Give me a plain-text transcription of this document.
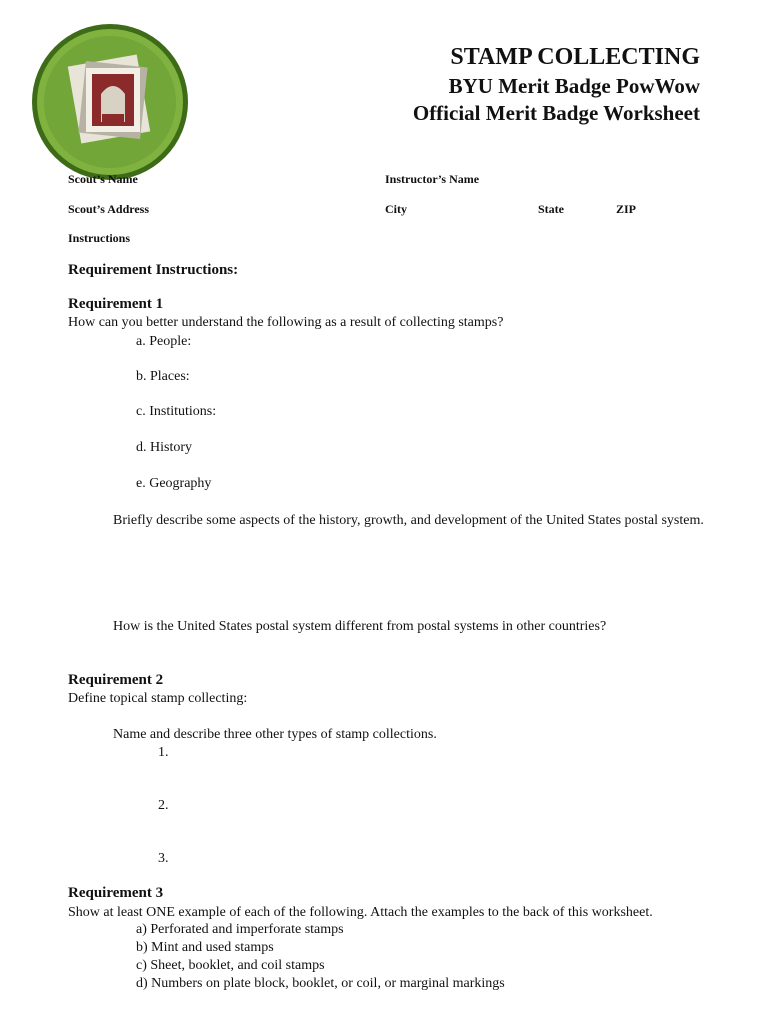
STAMP COLLECTING
BYU Merit Badge PowWow
Official Merit Badge Worksheet
Scout’s Name	Instructor’s Name
Scout’s Address	City	State	ZIP
Instructions
Requirement Instructions:
Requirement 1
How can you better understand the following as a result of collecting stamps?
a. People:
b. Places:
c. Institutions:
d. History
e. Geography
Briefly describe some aspects of the history, growth, and development of the United States postal system.
How is the United States postal system different from postal systems in other countries?
Requirement 2
Define topical stamp collecting:
Name and describe three other types of stamp collections.
1.
2.
3.
Requirement 3
Show at least ONE example of each of the following. Attach the examples to the back of this worksheet.
a) Perforated and imperforate stamps
b) Mint and used stamps
c) Sheet, booklet, and coil stamps
d) Numbers on plate block, booklet, or coil, or marginal markings
